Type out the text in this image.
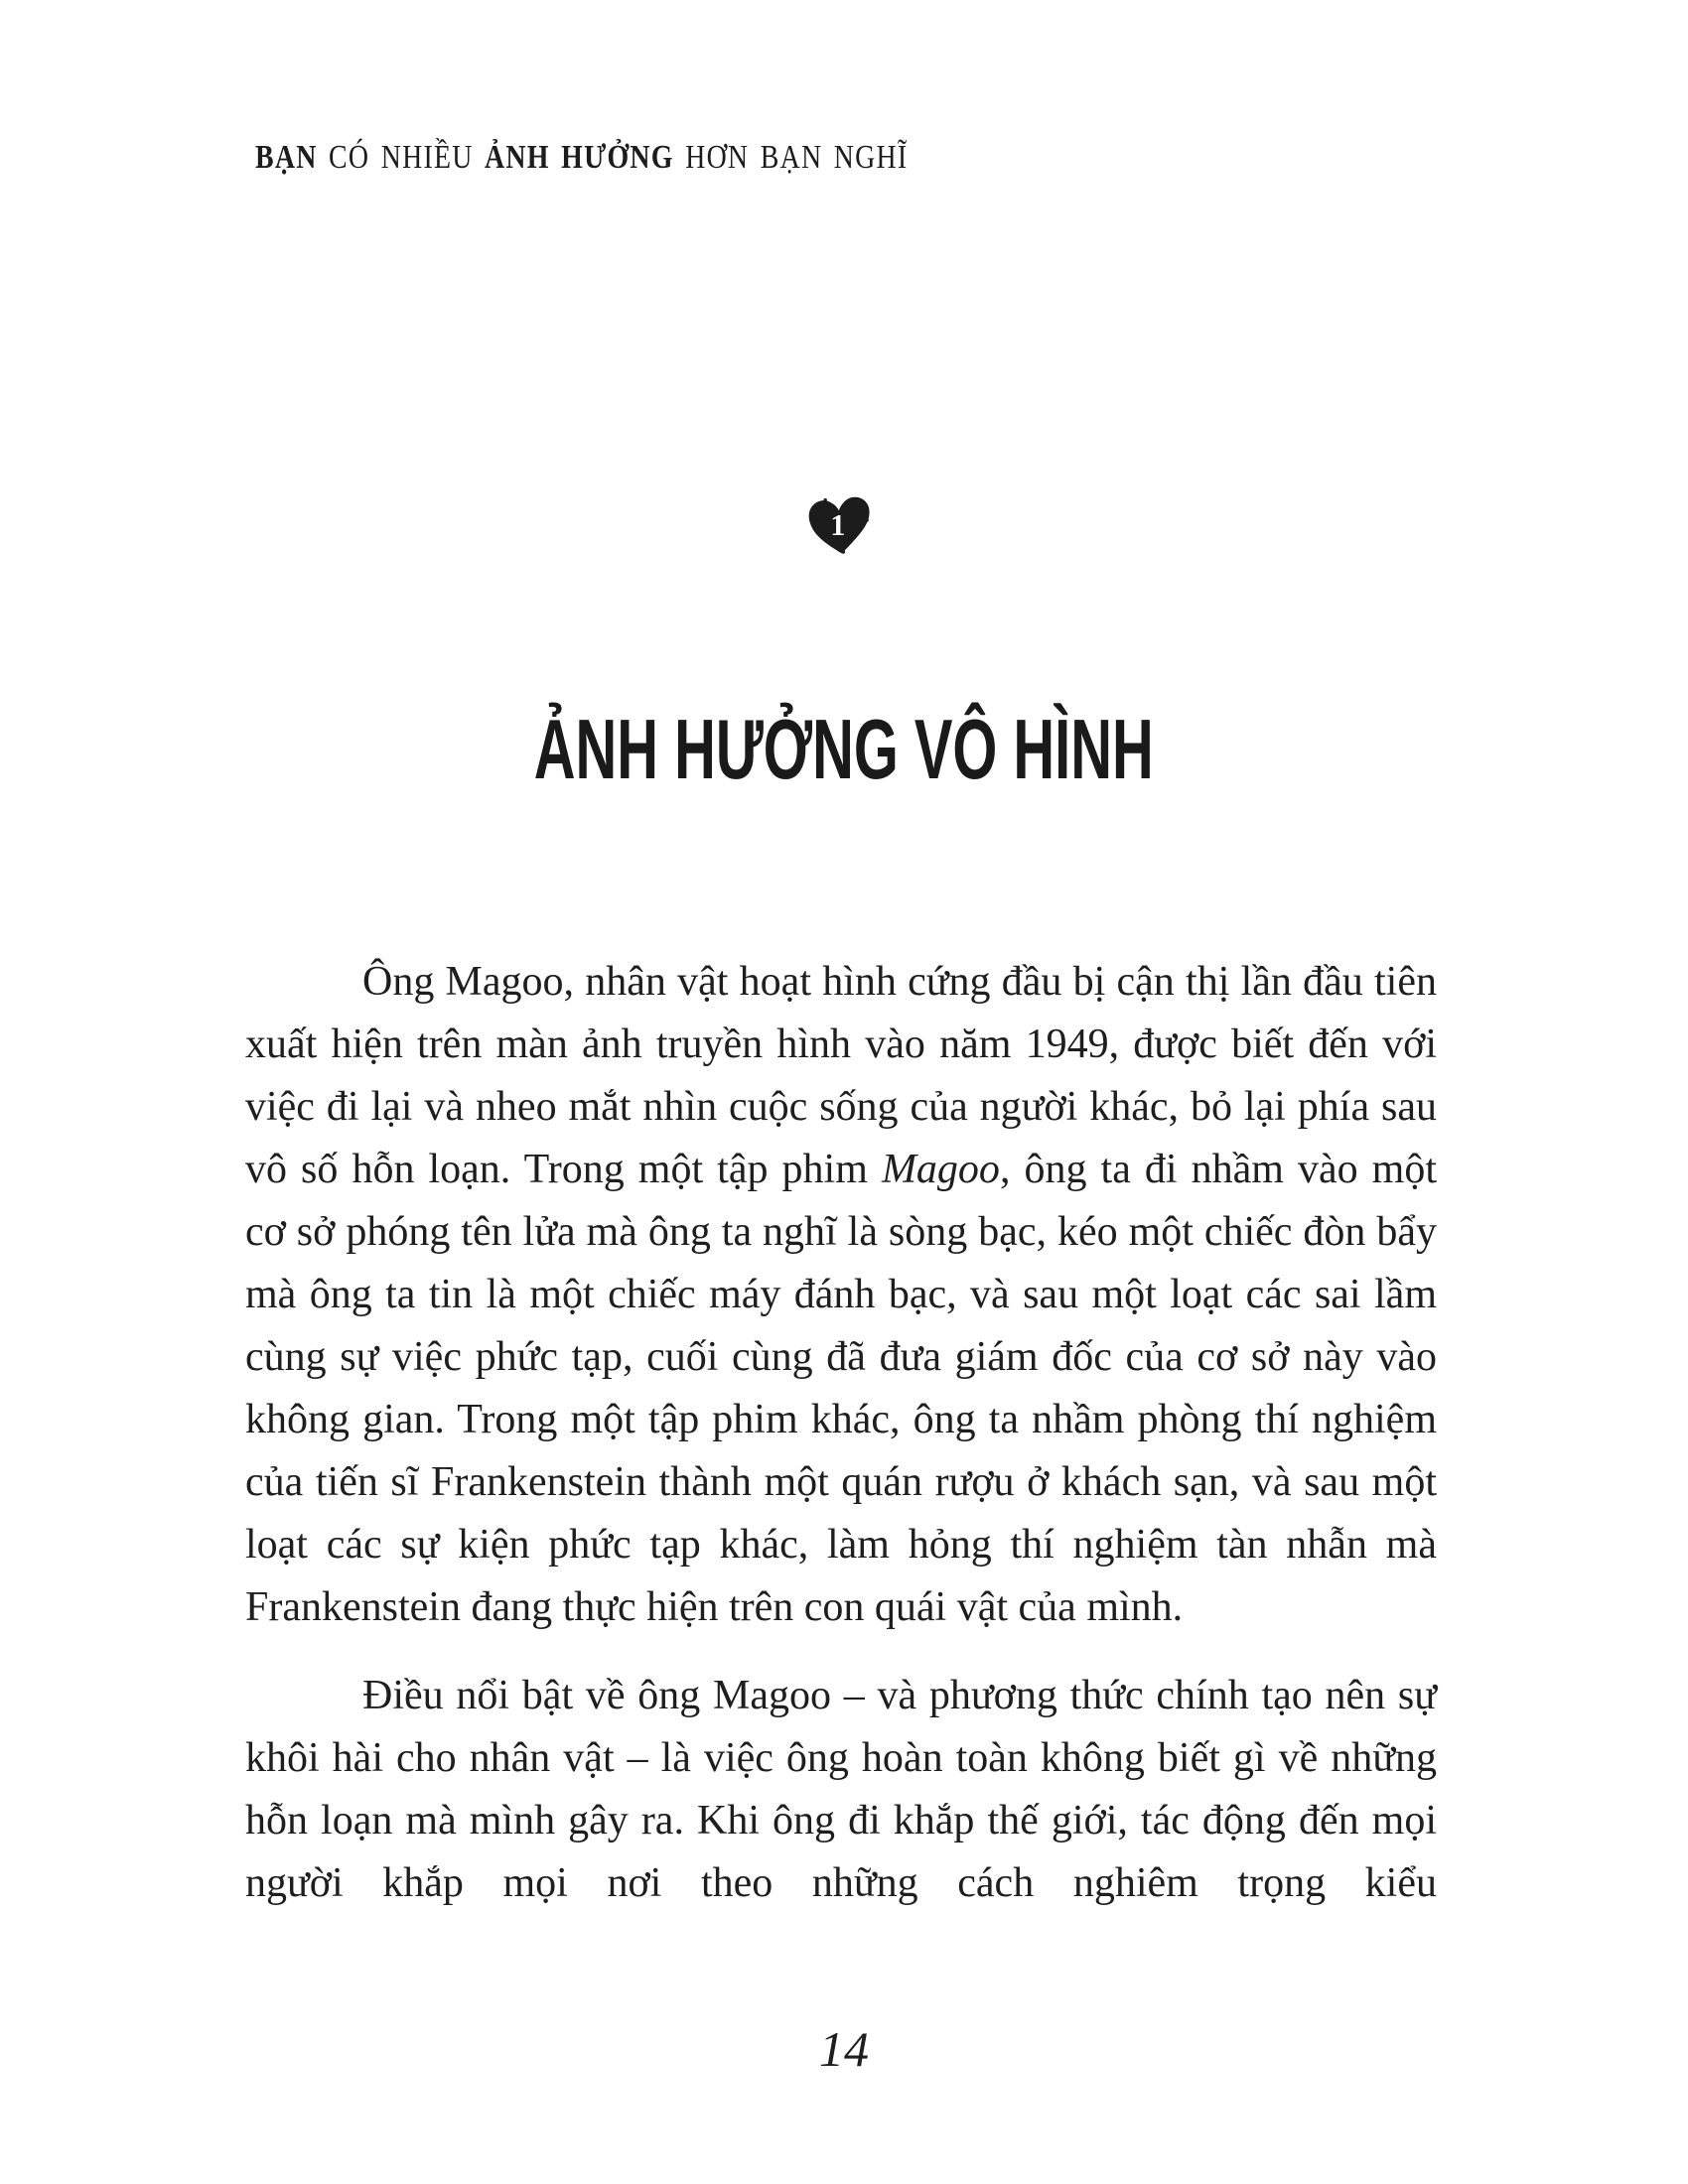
BẠN CÓ NHIỀU ẢNH HƯỞNG HƠN BẠN NGHĨ
1
ẢNH HƯỞNG VÔ HÌNH

Ông Magoo, nhân vật hoạt hình cứng đầu bị cận thị lần đầu tiên xuất hiện trên màn ảnh truyền hình vào năm 1949, được biết đến với việc đi lại và nheo mắt nhìn cuộc sống của người khác, bỏ lại phía sau vô số hỗn loạn. Trong một tập phim Magoo, ông ta đi nhầm vào một cơ sở phóng tên lửa mà ông ta nghĩ là sòng bạc, kéo một chiếc đòn bẩy mà ông ta tin là một chiếc máy đánh bạc, và sau một loạt các sai lầm cùng sự việc phức tạp, cuối cùng đã đưa giám đốc của cơ sở này vào không gian. Trong một tập phim khác, ông ta nhầm phòng thí nghiệm của tiến sĩ Frankenstein thành một quán rượu ở khách sạn, và sau một loạt các sự kiện phức tạp khác, làm hỏng thí nghiệm tàn nhẫn mà Frankenstein đang thực hiện trên con quái vật của mình.

Điều nổi bật về ông Magoo – và phương thức chính tạo nên sự khôi hài cho nhân vật – là việc ông hoàn toàn không biết gì về những hỗn loạn mà mình gây ra. Khi ông đi khắp thế giới, tác động đến mọi người khắp mọi nơi theo những cách nghiêm trọng kiểu

14
